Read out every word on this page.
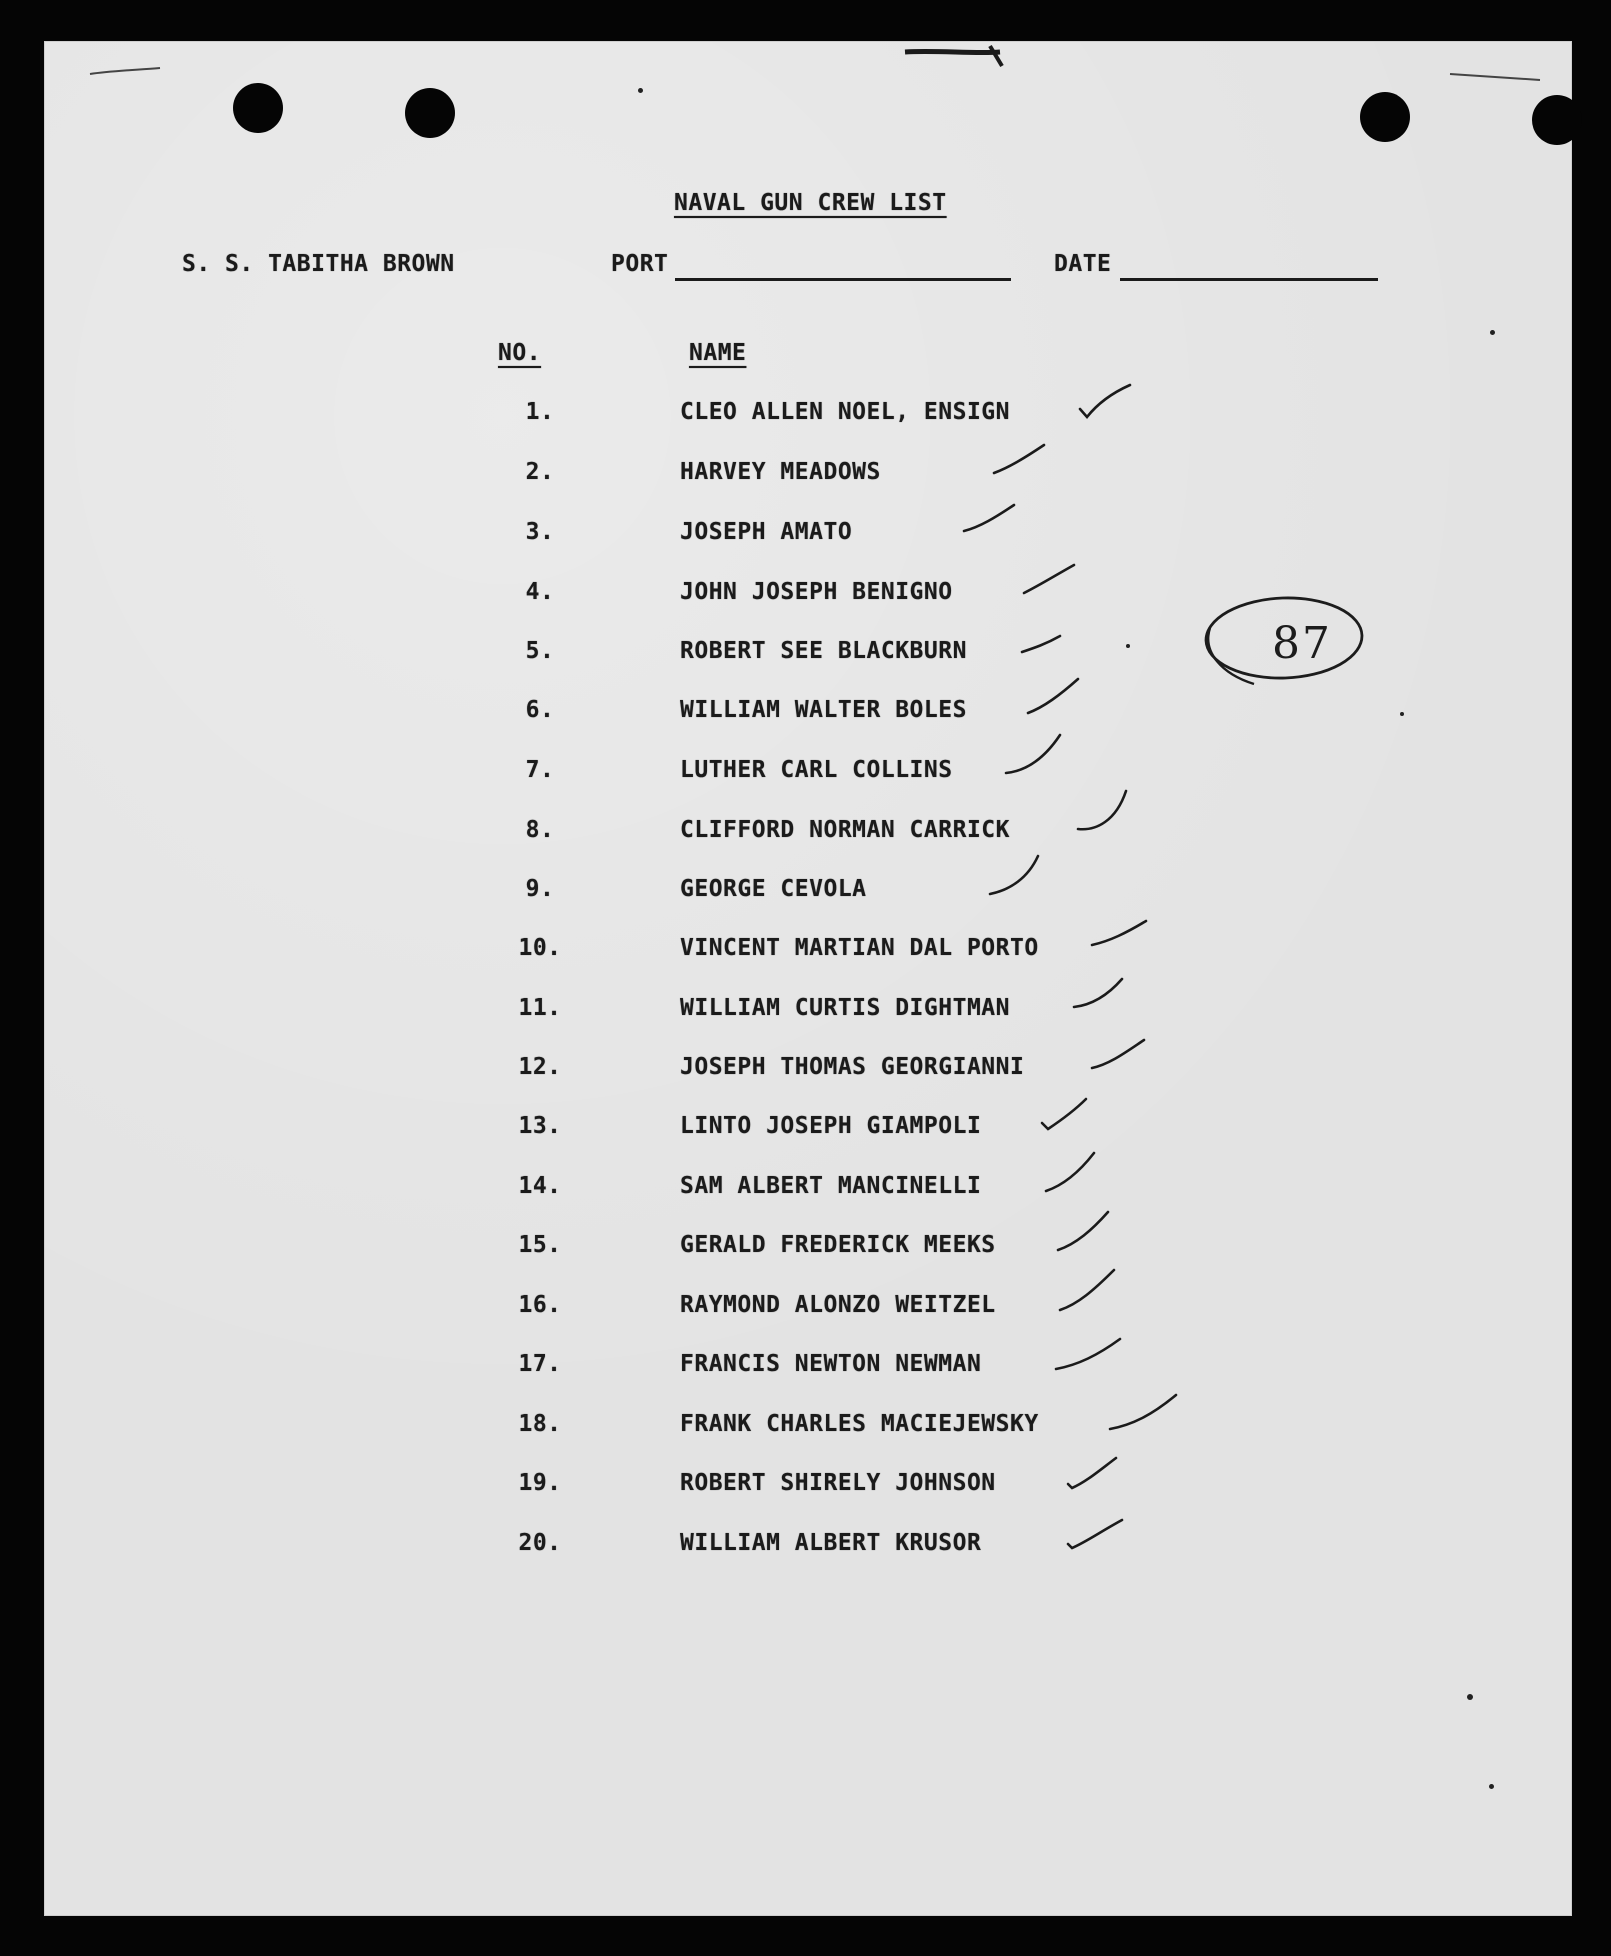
NAVAL GUN CREW LIST
S. S. TABITHA BROWN	PORT	DATE
NO.	NAME
1.	CLEO ALLEN NOEL, ENSIGN
2.	HARVEY MEADOWS
3.	JOSEPH AMATO
4.	JOHN JOSEPH BENIGNO
5.	ROBERT SEE BLACKBURN
6.	WILLIAM WALTER BOLES
7.	LUTHER CARL COLLINS
8.	CLIFFORD NORMAN CARRICK
9.	GEORGE CEVOLA
10.	VINCENT MARTIAN DAL PORTO
11.	WILLIAM CURTIS DIGHTMAN
12.	JOSEPH THOMAS GEORGIANNI
13.	LINTO JOSEPH GIAMPOLI
14.	SAM ALBERT MANCINELLI
15.	GERALD FREDERICK MEEKS
16.	RAYMOND ALONZO WEITZEL
17.	FRANCIS NEWTON NEWMAN
18.	FRANK CHARLES MACIEJEWSKY
19.	ROBERT SHIRELY JOHNSON
20.	WILLIAM ALBERT KRUSOR
87
